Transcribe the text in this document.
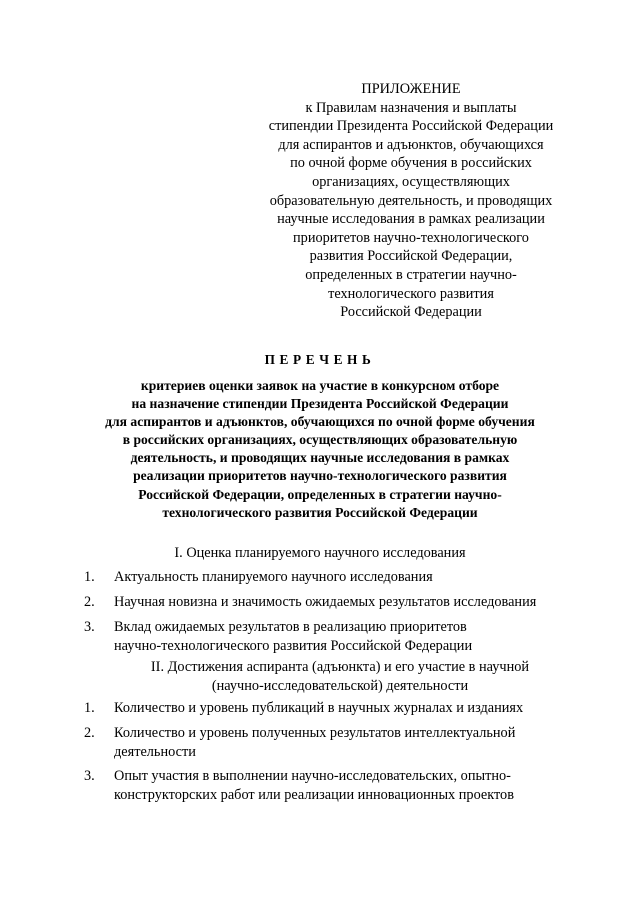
ПРИЛОЖЕНИЕ
к Правилам назначения и выплаты
стипендии Президента Российской Федерации
для аспирантов и адъюнктов, обучающихся
по очной форме обучения в российских
организациях, осуществляющих
образовательную деятельность, и проводящих
научные исследования в рамках реализации
приоритетов научно-технологического
развития Российской Федерации,
определенных в стратегии научно-
технологического развития
Российской Федерации
ПЕРЕЧЕНЬ
критериев оценки заявок на участие в конкурсном отборе
на назначение стипендии Президента Российской Федерации
для аспирантов и адъюнктов, обучающихся по очной форме обучения
в российских организациях, осуществляющих образовательную
деятельность, и проводящих научные исследования в рамках
реализации приоритетов научно-технологического развития
Российской Федерации, определенных в стратегии научно-
технологического развития Российской Федерации
I. Оценка планируемого научного исследования
1. Актуальность планируемого научного исследования
2. Научная новизна и значимость ожидаемых результатов исследования
3. Вклад ожидаемых результатов в реализацию приоритетов
научно-технологического развития Российской Федерации
II. Достижения аспиранта (адъюнкта) и его участие в научной
(научно-исследовательской) деятельности
1. Количество и уровень публикаций в научных журналах и изданиях
2. Количество и уровень полученных результатов интеллектуальной
деятельности
3. Опыт участия в выполнении научно-исследовательских, опытно-
конструкторских работ или реализации инновационных проектов
